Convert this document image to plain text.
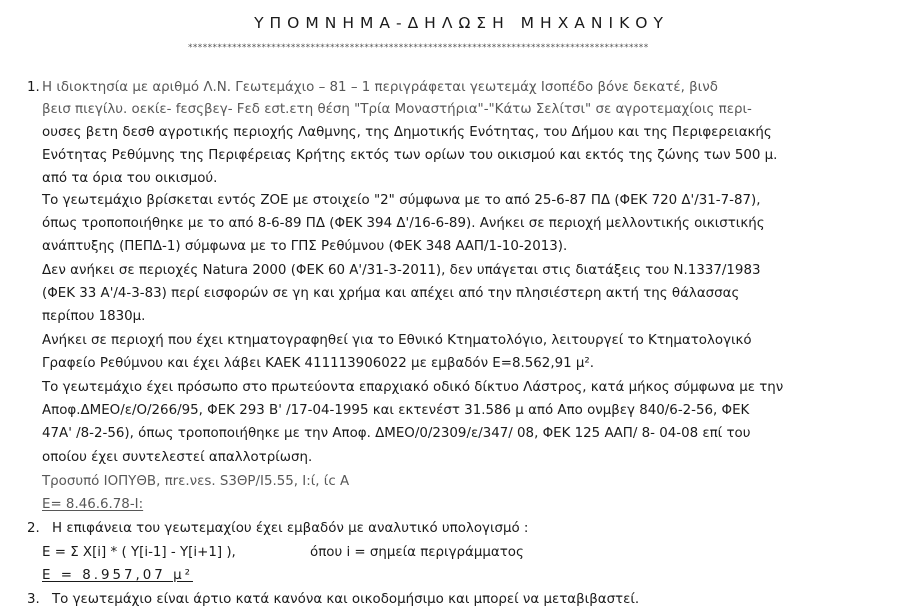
ΥΠΟΜΝΗΜΑ-ΔΗΛΩΣΗ ΜΗΧΑΝΙΚΟΥ
**********************************************************************************************
1. Η ιδιοκτησία με αριθμό Λ.Ν. Γεωτεμάχιο – 81 – 1 περιγράφεται γεωτεμάχ Ισοπέδο βόνε δεκατέ, βινδ
βεισ πιεγίλυ. οεκίε- fεσςβεγ- Fεδ εσt.ετη θέση "Τρία Μοναστήρια"-"Κάτω Σελίτσι" σε αγροτεμαχίοις περι-
ουσες βετη δεσθ αγροτικής περιοχής Λαθμνης, της Δημοτικής Ενότητας, του Δήμου και της Περιφερειακής
Ενότητας Ρεθύμνης της Περιφέρειας Κρήτης εκτός των ορίων του οικισμού και εκτός της ζώνης των 500 μ.
από τα όρια του οικισμού.
Το γεωτεμάχιο βρίσκεται εντός ΖΟΕ με στοιχείο "2" σύμφωνα με το από 25-6-87 ΠΔ (ΦΕΚ 720 Δ'/31-7-87),
όπως τροποποιήθηκε με το από 8-6-89 ΠΔ (ΦΕΚ 394 Δ'/16-6-89). Ανήκει σε περιοχή μελλοντικής οικιστικής
ανάπτυξης (ΠΕΠΔ-1) σύμφωνα με το ΓΠΣ Ρεθύμνου (ΦΕΚ 348 ΑΑΠ/1-10-2013).
Δεν ανήκει σε περιοχές Natura 2000 (ΦΕΚ 60 Α'/31-3-2011), δεν υπάγεται στις διατάξεις του Ν.1337/1983
(ΦΕΚ 33 Α'/4-3-83) περί εισφορών σε γη και χρήμα και απέχει από την πλησιέστερη ακτή της θάλασσας
περίπου 1830μ.
Ανήκει σε περιοχή που έχει κτηματογραφηθεί για το Εθνικό Κτηματολόγιο, λειτουργεί το Κτηματολογικό
Γραφείο Ρεθύμνου και έχει λάβει ΚΑΕΚ 411113906022 με εμβαδόν Ε=8.562,91 μ².
Το γεωτεμάχιο έχει πρόσωπο στο πρωτεύοντα επαρχιακό οδικό δίκτυο Λάστρος, κατά μήκος σύμφωνα με την
Αποφ.ΔΜΕΟ/ε/Ο/266/95, ΦΕΚ 293 Β' /17-04-1995 και εκτενέστ 31.586 μ από Απο ονμβεγ 840/6-2-56, ΦΕΚ
47Α' /8-2-56), όπως τροποποιήθηκε με την Αποφ. ΔΜΕΟ/0/2309/ε/347/ 08, ΦΕΚ 125 ΑΑΠ/ 8- 04-08 επί του
οποίου έχει συντελεστεί απαλλοτρίωση.
Τροσυπό ΙΟΠΥΘΒ, πrε.νεs. S3ΘΡ/Ι5.55, Ι:ί, ίc Α
Ε= 8.46.6.78-Ι:
2. Η επιφάνεια του γεωτεμαχίου έχει εμβαδόν με αναλυτικό υπολογισμό :
Ε = Σ X[i] * ( Y[i-1] - Y[i+1] ),	όπου i = σημεία περιγράμματος
Ε = 8.957,07 μ²
3. Το γεωτεμάχιο είναι άρτιο κατά κανόνα και οικοδομήσιμο και μπορεί να μεταβιβαστεί.
